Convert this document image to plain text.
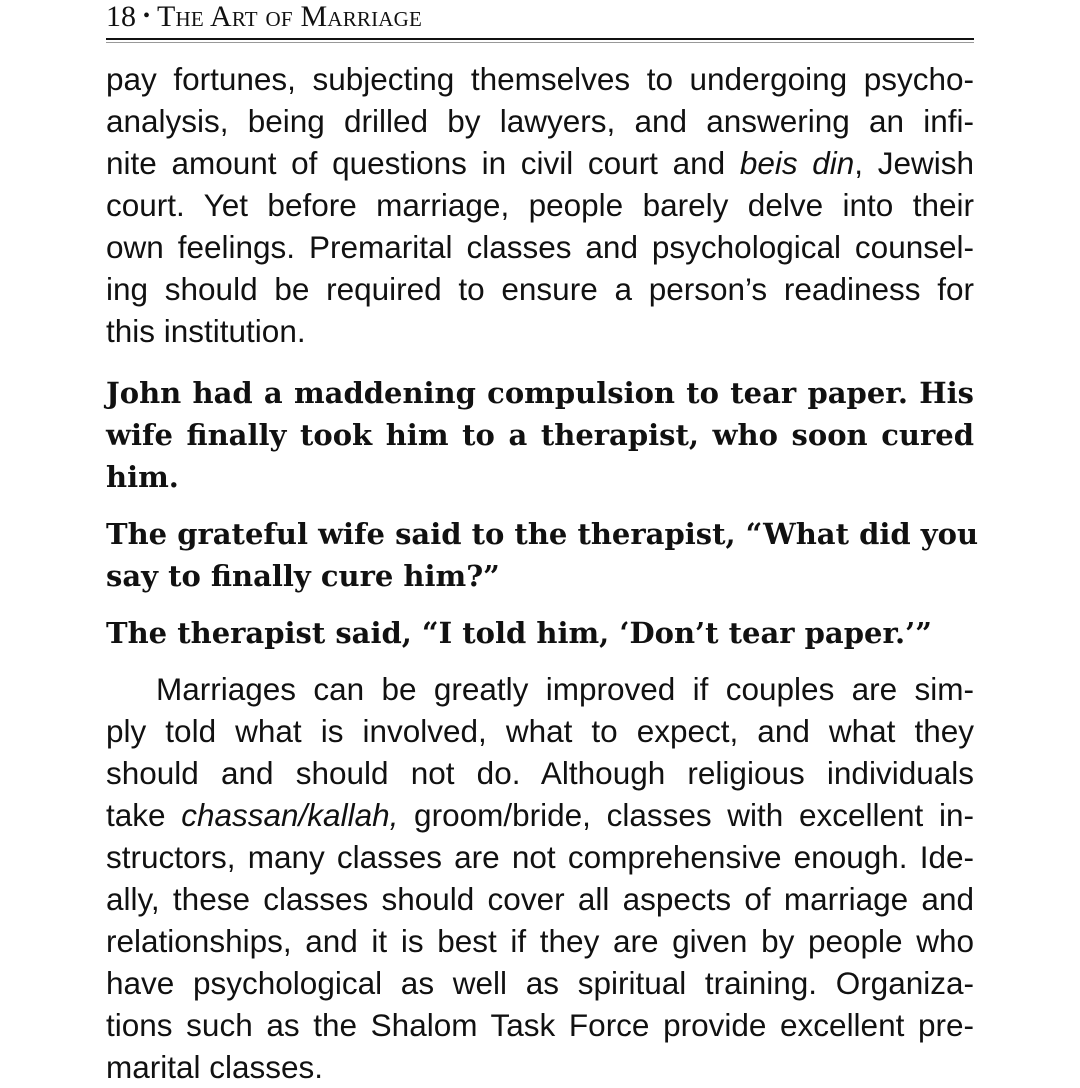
18 • The Art of Marriage
pay fortunes, subjecting themselves to undergoing psycho-
analysis, being drilled by lawyers, and answering an infi-
nite amount of questions in civil court and beis din, Jewish
court. Yet before marriage, people barely delve into their
own feelings. Premarital classes and psychological counsel-
ing should be required to ensure a person’s readiness for
this institution.
John had a maddening compulsion to tear paper. His
wife finally took him to a therapist, who soon cured
him.
The grateful wife said to the therapist, “What did you
say to finally cure him?”
The therapist said, “I told him, ‘Don’t tear paper.’”
Marriages can be greatly improved if couples are sim-
ply told what is involved, what to expect, and what they
should and should not do. Although religious individuals
take chassan/kallah, groom/bride, classes with excellent in-
structors, many classes are not comprehensive enough. Ide-
ally, these classes should cover all aspects of marriage and
relationships, and it is best if they are given by people who
have psychological as well as spiritual training. Organiza-
tions such as the Shalom Task Force provide excellent pre-
marital classes.
